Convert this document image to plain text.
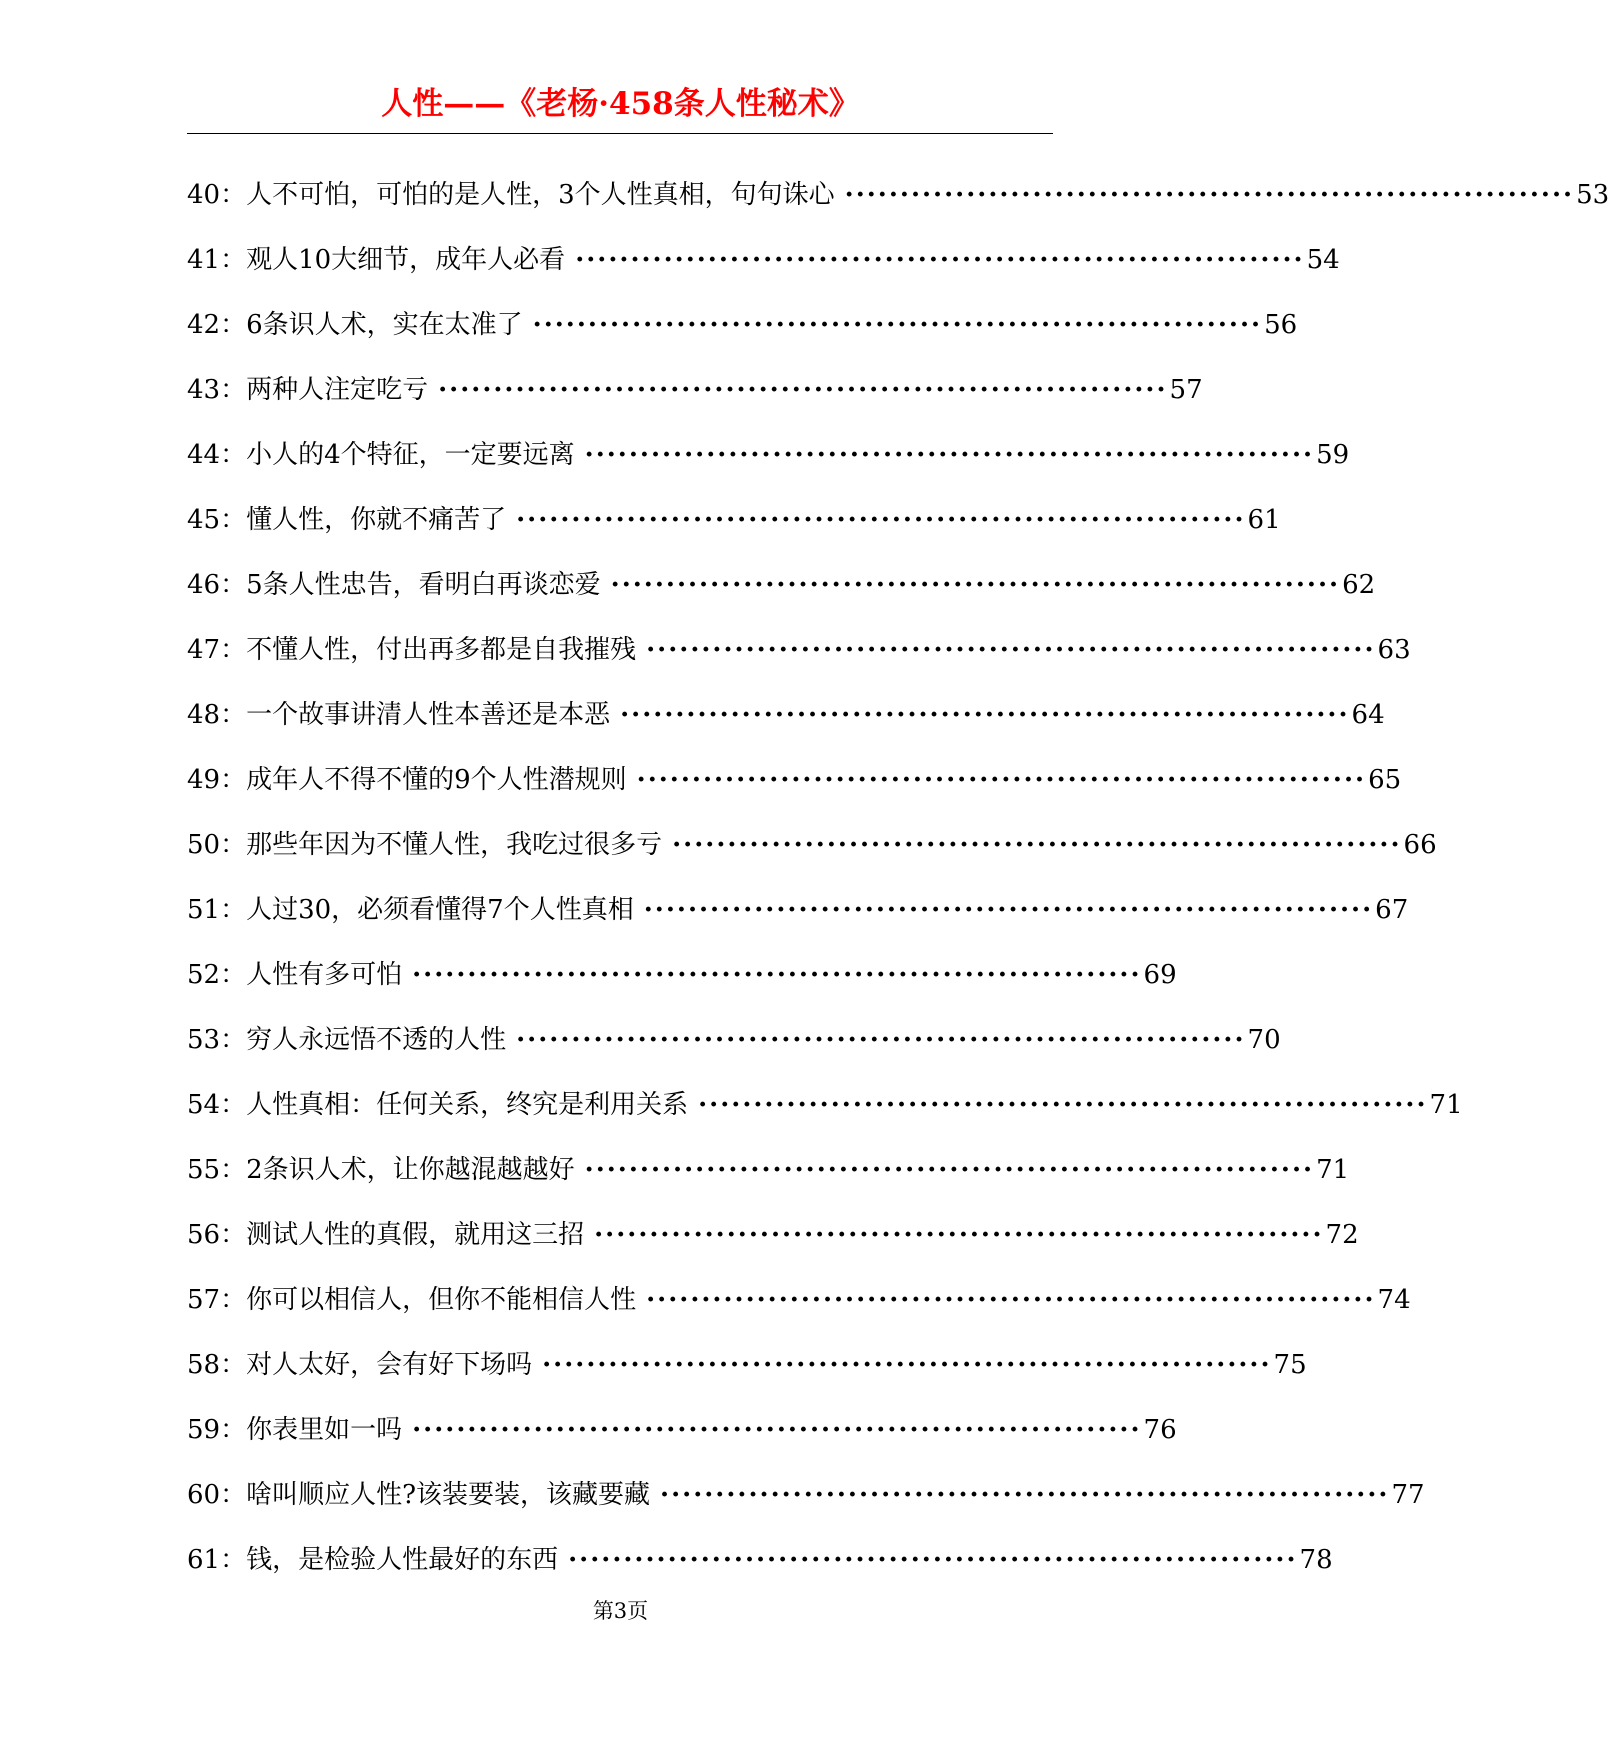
人性——《老杨·458条人性秘术》
40： 人不可怕，可怕的是人性，3个人性真相，句句诛心 ·································································· 53
41： 观人10大细节，成年人必看 ·································································· 54
42： 6条识人术，实在太准了 ·································································· 56
43： 两种人注定吃亏 ·································································· 57
44： 小人的4个特征，一定要远离 ·································································· 59
45： 懂人性，你就不痛苦了 ·································································· 61
46： 5条人性忠告，看明白再谈恋爱 ·································································· 62
47： 不懂人性，付出再多都是自我摧残 ·································································· 63
48： 一个故事讲清人性本善还是本恶 ·································································· 64
49： 成年人不得不懂的9个人性潜规则 ·································································· 65
50： 那些年因为不懂人性，我吃过很多亏 ·································································· 66
51： 人过30，必须看懂得7个人性真相 ·································································· 67
52： 人性有多可怕 ·································································· 69
53： 穷人永远悟不透的人性 ·································································· 70
54： 人性真相：任何关系，终究是利用关系 ·································································· 71
55： 2条识人术，让你越混越越好 ·································································· 71
56： 测试人性的真假，就用这三招 ·································································· 72
57： 你可以相信人，但你不能相信人性 ·································································· 74
58： 对人太好，会有好下场吗 ·································································· 75
59： 你表里如一吗 ·································································· 76
60： 啥叫顺应人性?该装要装，该藏要藏 ·································································· 77
61： 钱，是检验人性最好的东西 ·································································· 78
第3页
